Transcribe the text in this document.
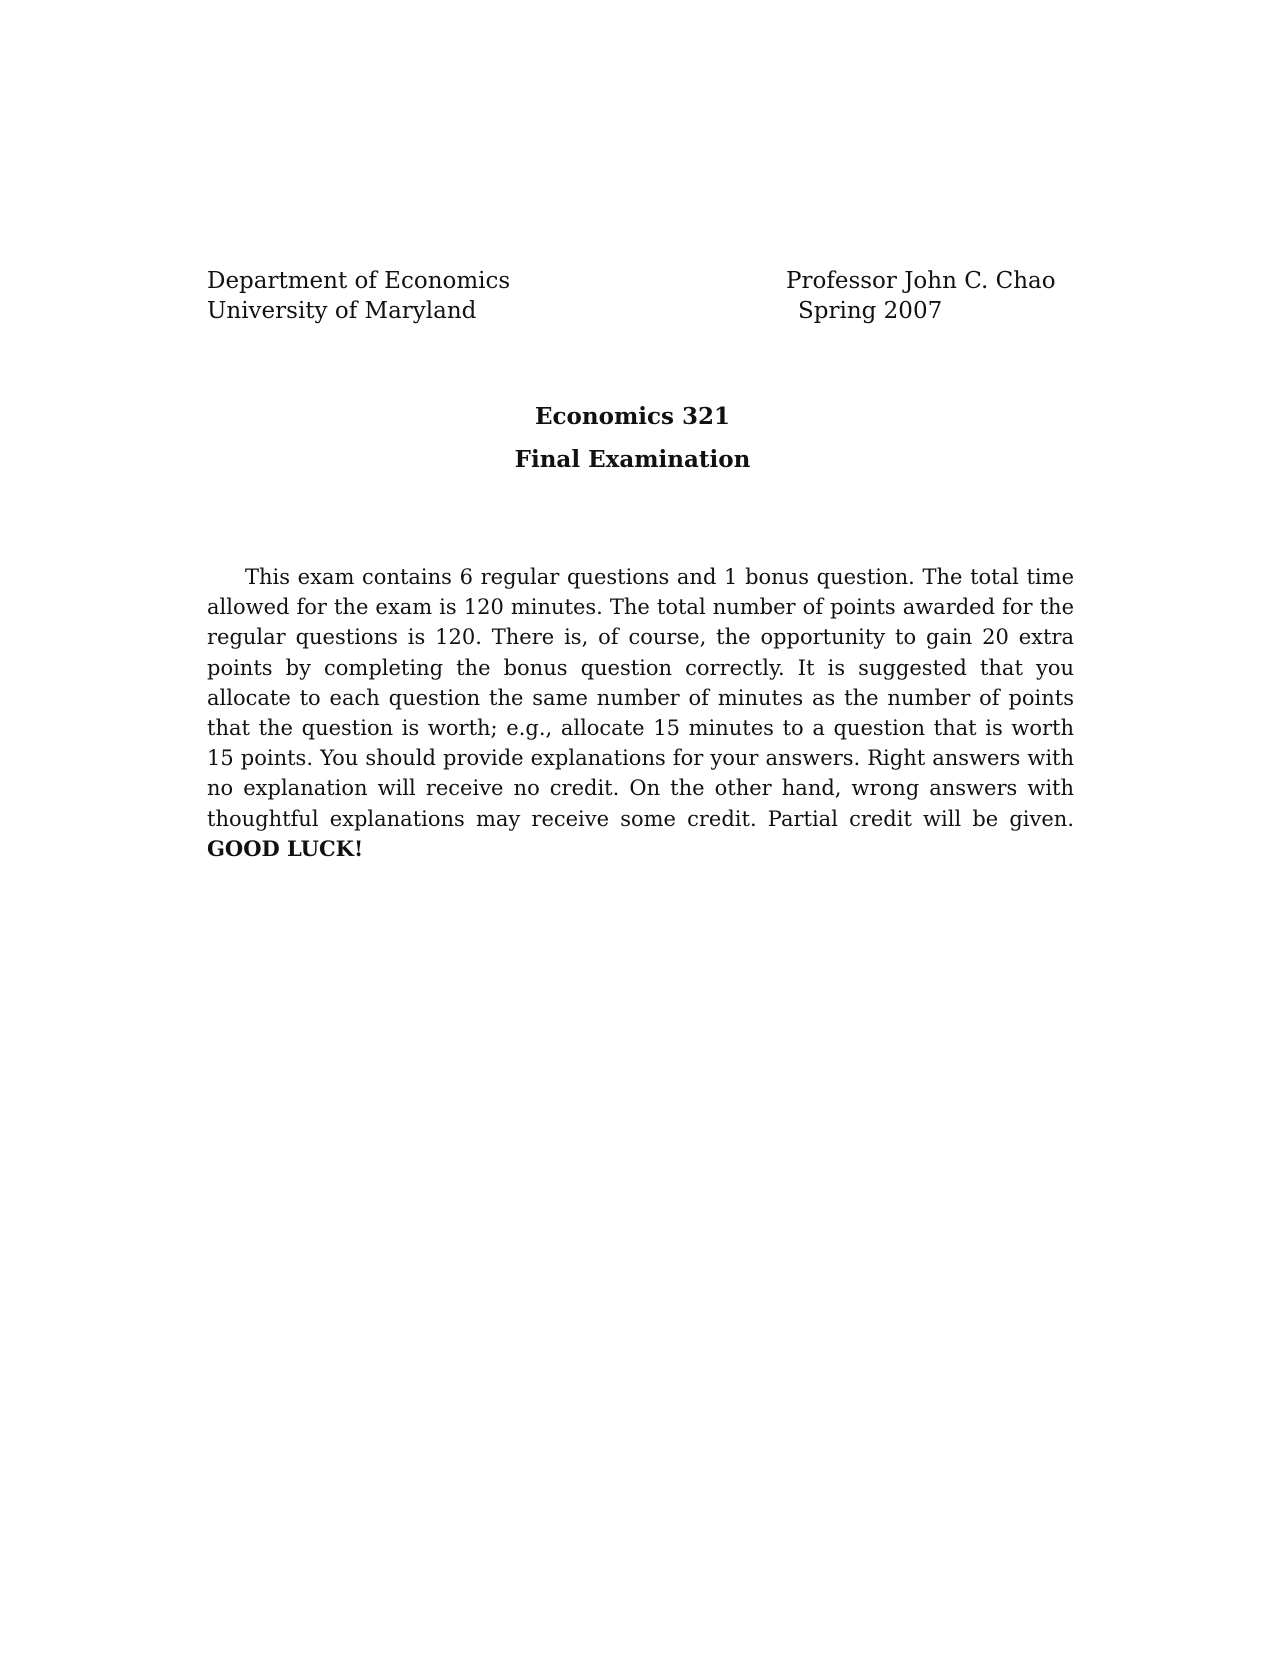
Department of Economics
University of Maryland
Professor John C. Chao
Spring 2007
Economics 321
Final Examination

This exam contains 6 regular questions and 1 bonus question. The total time allowed for the exam is 120 minutes. The total number of points awarded for the regular questions is 120. There is, of course, the opportunity to gain 20 extra points by completing the bonus question correctly. It is suggested that you allocate to each question the same number of minutes as the number of points that the question is worth; e.g., allocate 15 minutes to a question that is worth 15 points. You should provide explanations for your answers. Right answers with no explanation will receive no credit. On the other hand, wrong answers with thoughtful explanations may receive some credit. Partial credit will be given. GOOD LUCK!
